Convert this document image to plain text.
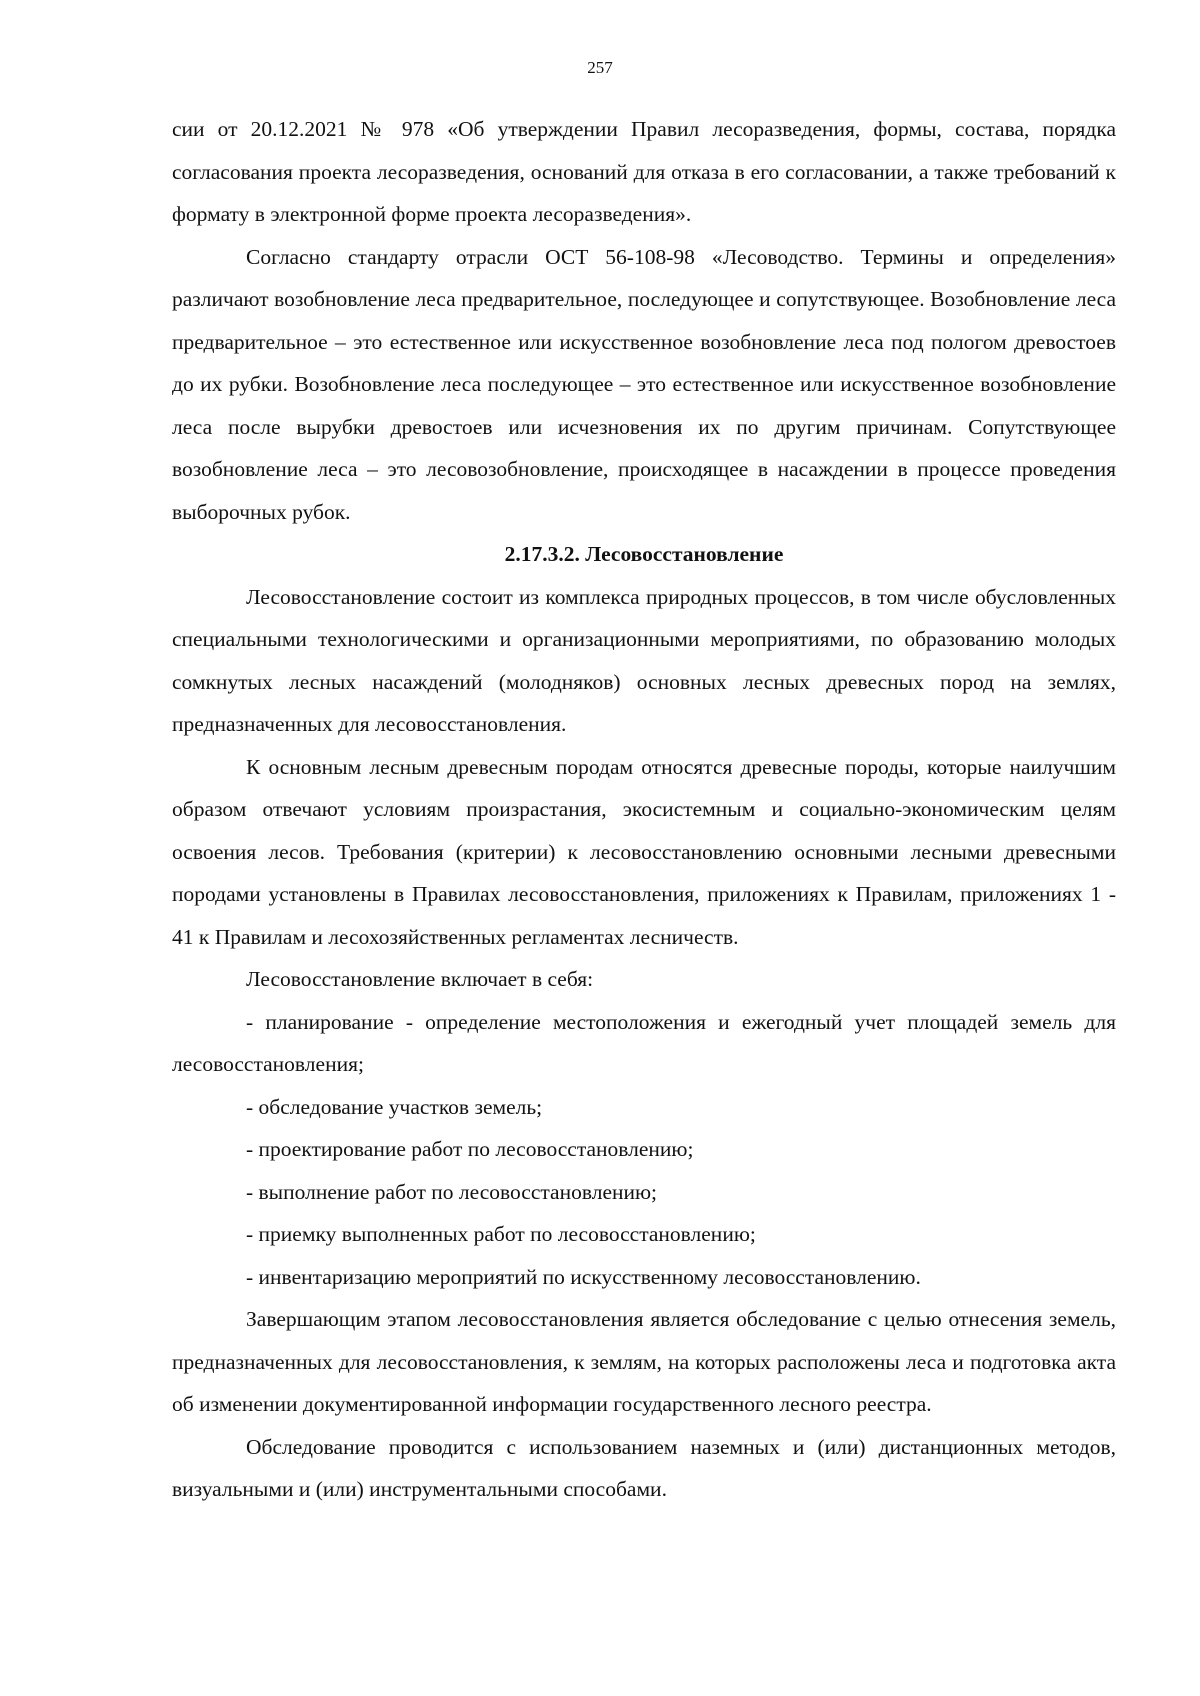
257

сии от 20.12.2021 № 978 «Об утверждении Правил лесоразведения, формы, состава, порядка согласования проекта лесоразведения, оснований для отказа в его согласовании, а также требований к формату в электронной форме проекта лесоразведения».

Согласно стандарту отрасли ОСТ 56-108-98 «Лесоводство. Термины и определения» различают возобновление леса предварительное, последующее и сопутствующее. Возобновление леса предварительное – это естественное или искусственное возобновление леса под пологом древостоев до их рубки. Возобновление леса последующее – это естественное или искусственное возобновление леса после вырубки древостоев или исчезновения их по другим причинам. Сопутствующее возобновление леса – это лесовозобновление, происходящее в насаждении в процессе проведения выборочных рубок.

2.17.3.2. Лесовосстановление

Лесовосстановление состоит из комплекса природных процессов, в том числе обусловленных специальными технологическими и организационными мероприятиями, по образованию молодых сомкнутых лесных насаждений (молодняков) основных лесных древесных пород на землях, предназначенных для лесовосстановления.

К основным лесным древесным породам относятся древесные породы, которые наилучшим образом отвечают условиям произрастания, экосистемным и социально-экономическим целям освоения лесов. Требования (критерии) к лесовосстановлению основными лесными древесными породами установлены в Правилах лесовосстановления, приложениях к Правилам, приложениях 1 - 41 к Правилам и лесохозяйственных регламентах лесничеств.

Лесовосстановление включает в себя:

- планирование - определение местоположения и ежегодный учет площадей земель для лесовосстановления;

- обследование участков земель;

- проектирование работ по лесовосстановлению;

- выполнение работ по лесовосстановлению;

- приемку выполненных работ по лесовосстановлению;

- инвентаризацию мероприятий по искусственному лесовосстановлению.

Завершающим этапом лесовосстановления является обследование с целью отнесения земель, предназначенных для лесовосстановления, к землям, на которых расположены леса и подготовка акта об изменении документированной информации государственного лесного реестра.

Обследование проводится с использованием наземных и (или) дистанционных методов, визуальными и (или) инструментальными способами.
